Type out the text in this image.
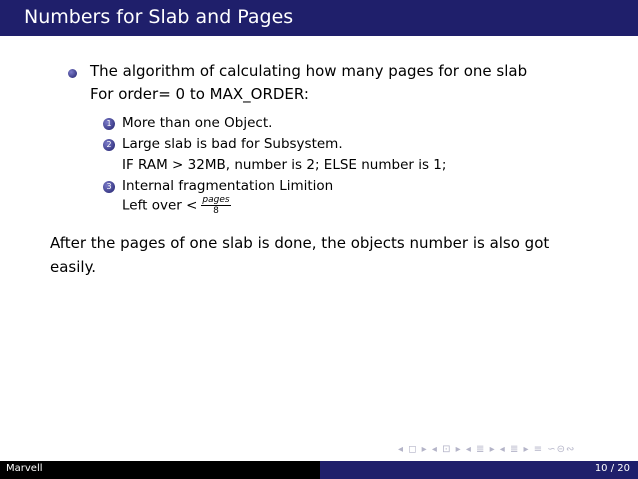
Numbers for Slab and Pages
The algorithm of calculating how many pages for one slab
For order= 0 to MAX_ORDER:
1 More than one Object.
2 Large slab is bad for Subsystem.
IF RAM > 32MB, number is 2; ELSE number is 1;
3 Internal fragmentation Limition
Left over < $\frac{\text{pages}}{8}$
After the pages of one slab is done, the objects number is also got
easily.
◂ ◻ ▸ ◂ ⊡ ▸ ◂ ≣ ▸ ◂ ≣ ▸ ≡ ∽⊝∾
Marvell	10 / 20
